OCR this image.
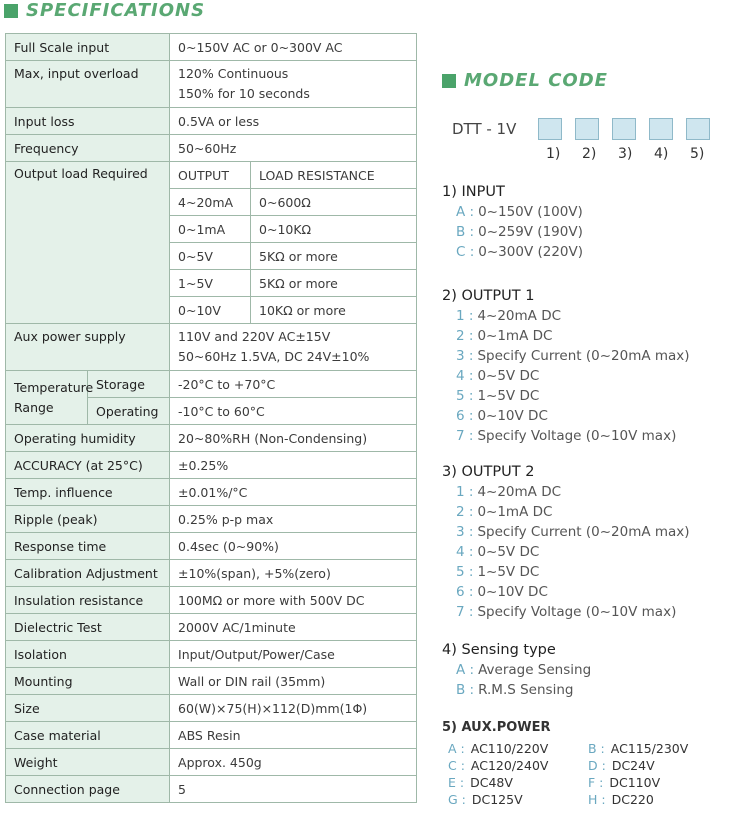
SPECIFICATIONS
Full Scale input		0~150V AC or 0~300V AC	
Max, input overload		120% Continuous
150% for 10 seconds	

Input loss		0.5VA or less	
Frequency		50~60Hz	
Output load Required		OUTPUT	LOAD RESISTANCE
		4~20mA	0~600Ω
		0~1mA	0~10KΩ
		0~5V	5KΩ or more
		1~5V	5KΩ or more
		0~10V	10KΩ or more
Aux power supply		110V and 220V AC±15V
50~60Hz 1.5VA, DC 24V±10%	

Temperature
Range	Storage	-20°C to +70°C	
	Operating	-10°C to 60°C	
Operating humidity		20~80%RH (Non-Condensing)	
ACCURACY (at 25°C)		±0.25%	
Temp. influence		±0.01%/°C	
Ripple (peak)		0.25% p-p max	
Response time		0.4sec (0~90%)	
Calibration Adjustment		±10%(span), +5%(zero)	
Insulation resistance		100MΩ or more with 500V DC	
Dielectric Test		2000V AC/1minute	
Isolation		Input/Output/Power/Case	
Mounting		Wall or DIN rail (35mm)	
Size		60(W)×75(H)×112(D)mm(1Φ)	
Case material		ABS Resin	
Weight		Approx. 450g	
Connection page		5	
MODEL CODE
DTT - 1V
1)	2)	3)	4)	5)
1) INPUT
A : 0~150V (100V)
B : 0~259V (190V)
C : 0~300V (220V)
2) OUTPUT 1
1 : 4~20mA DC
2 : 0~1mA DC
3 : Specify Current (0~20mA max)
4 : 0~5V DC
5 : 1~5V DC
6 : 0~10V DC
7 : Specify Voltage (0~10V max)
3) OUTPUT 2
1 : 4~20mA DC
2 : 0~1mA DC
3 : Specify Current (0~20mA max)
4 : 0~5V DC
5 : 1~5V DC
6 : 0~10V DC
7 : Specify Voltage (0~10V max)
4) Sensing type
A : Average Sensing
B : R.M.S Sensing
5) AUX.POWER
A : AC110/220V	B : AC115/230V
C : AC120/240V	D : DC24V
E : DC48V	F : DC110V
G : DC125V	H : DC220
